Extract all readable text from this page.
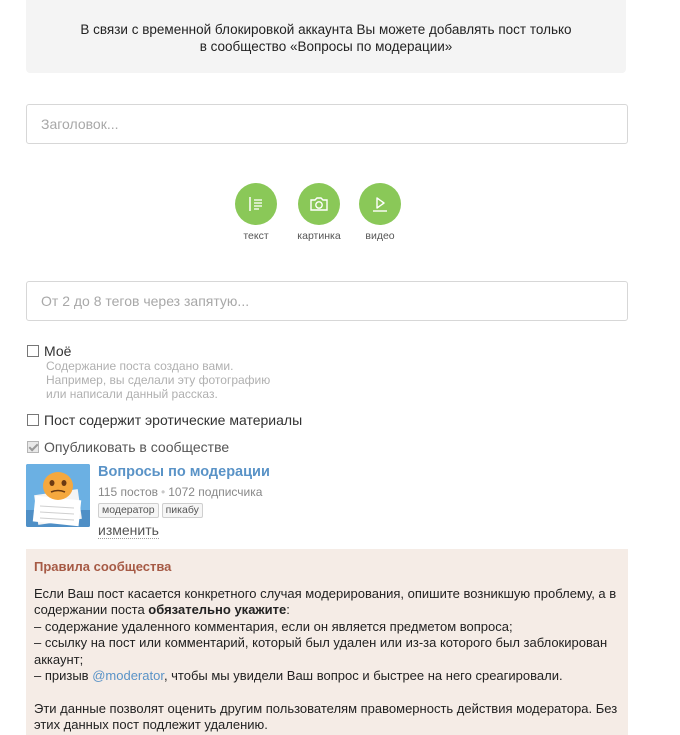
В связи с временной блокировкой аккаунта Вы можете добавлять пост только
в сообщество «Вопросы по модерации»
Заголовок...
текст	картинка	видео
От 2 до 8 тегов через запятую...
Моё
Содержание поста создано вами.
Например, вы сделали эту фотографию
или написали данный рассказ.
Пост содержит эротические материалы
Опубликовать в сообществе
Вопросы по модерации
115 постов • 1072 подписчика
модератор	пикабу
изменить
Правила сообщества

Если Ваш пост касается конкретного случая модерирования, опишите возникшую проблему, а в содержании поста обязательно укажите:

– содержание удаленного комментария, если он является предметом вопроса;

– ссылку на пост или комментарий, который был удален или из-за которого был заблокирован аккаунт;

– призыв @moderator, чтобы мы увидели Ваш вопрос и быстрее на него среагировали.

Эти данные позволят оценить другим пользователям правомерность действия модератора. Без этих данных пост подлежит удалению.
